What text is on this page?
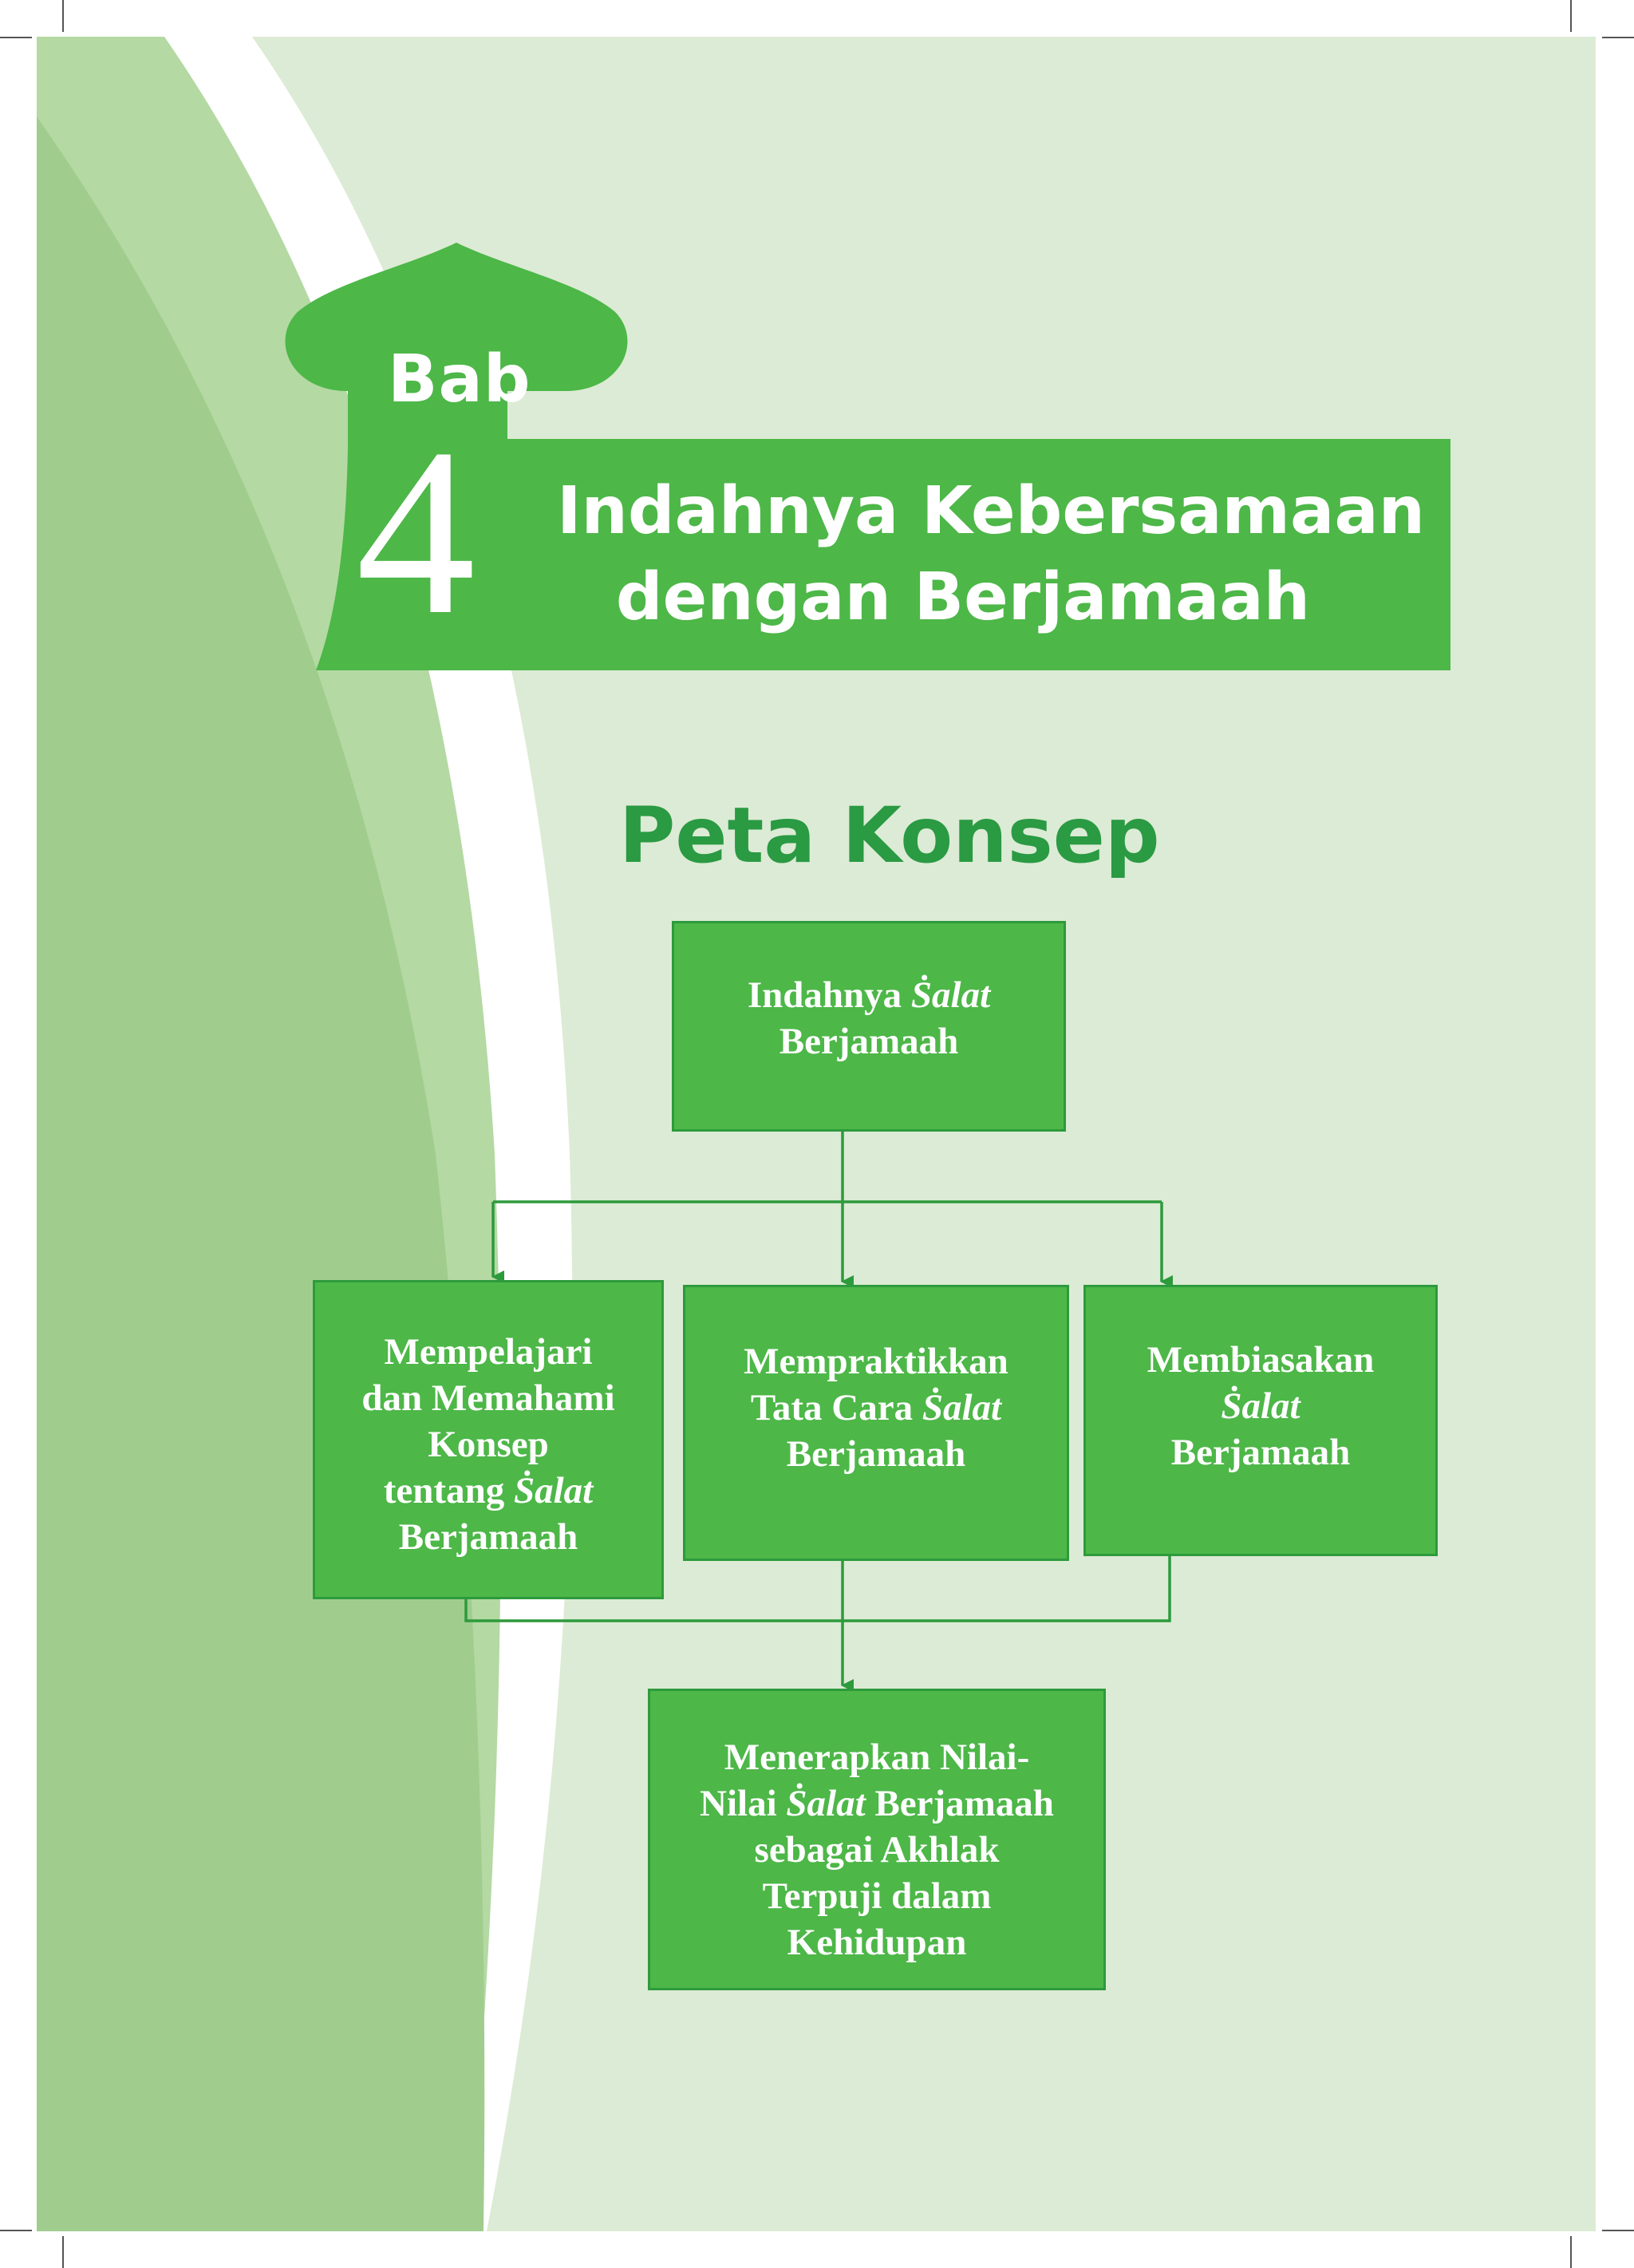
Bab
4 Indahnya Kebersamaan
dengan Berjamaah
Peta Konsep
Indahnya Ṡalat
Berjamaah
Mempelajari
dan Memahami
Konsep
tentang Ṡalat
Berjamaah
Mempraktikkan
Tata Cara Ṡalat
Berjamaah
Membiasakan
Ṡalat
Berjamaah
Menerapkan Nilai-
Nilai Ṡalat Berjamaah
sebagai Akhlak
Terpuji dalam
Kehidupan
